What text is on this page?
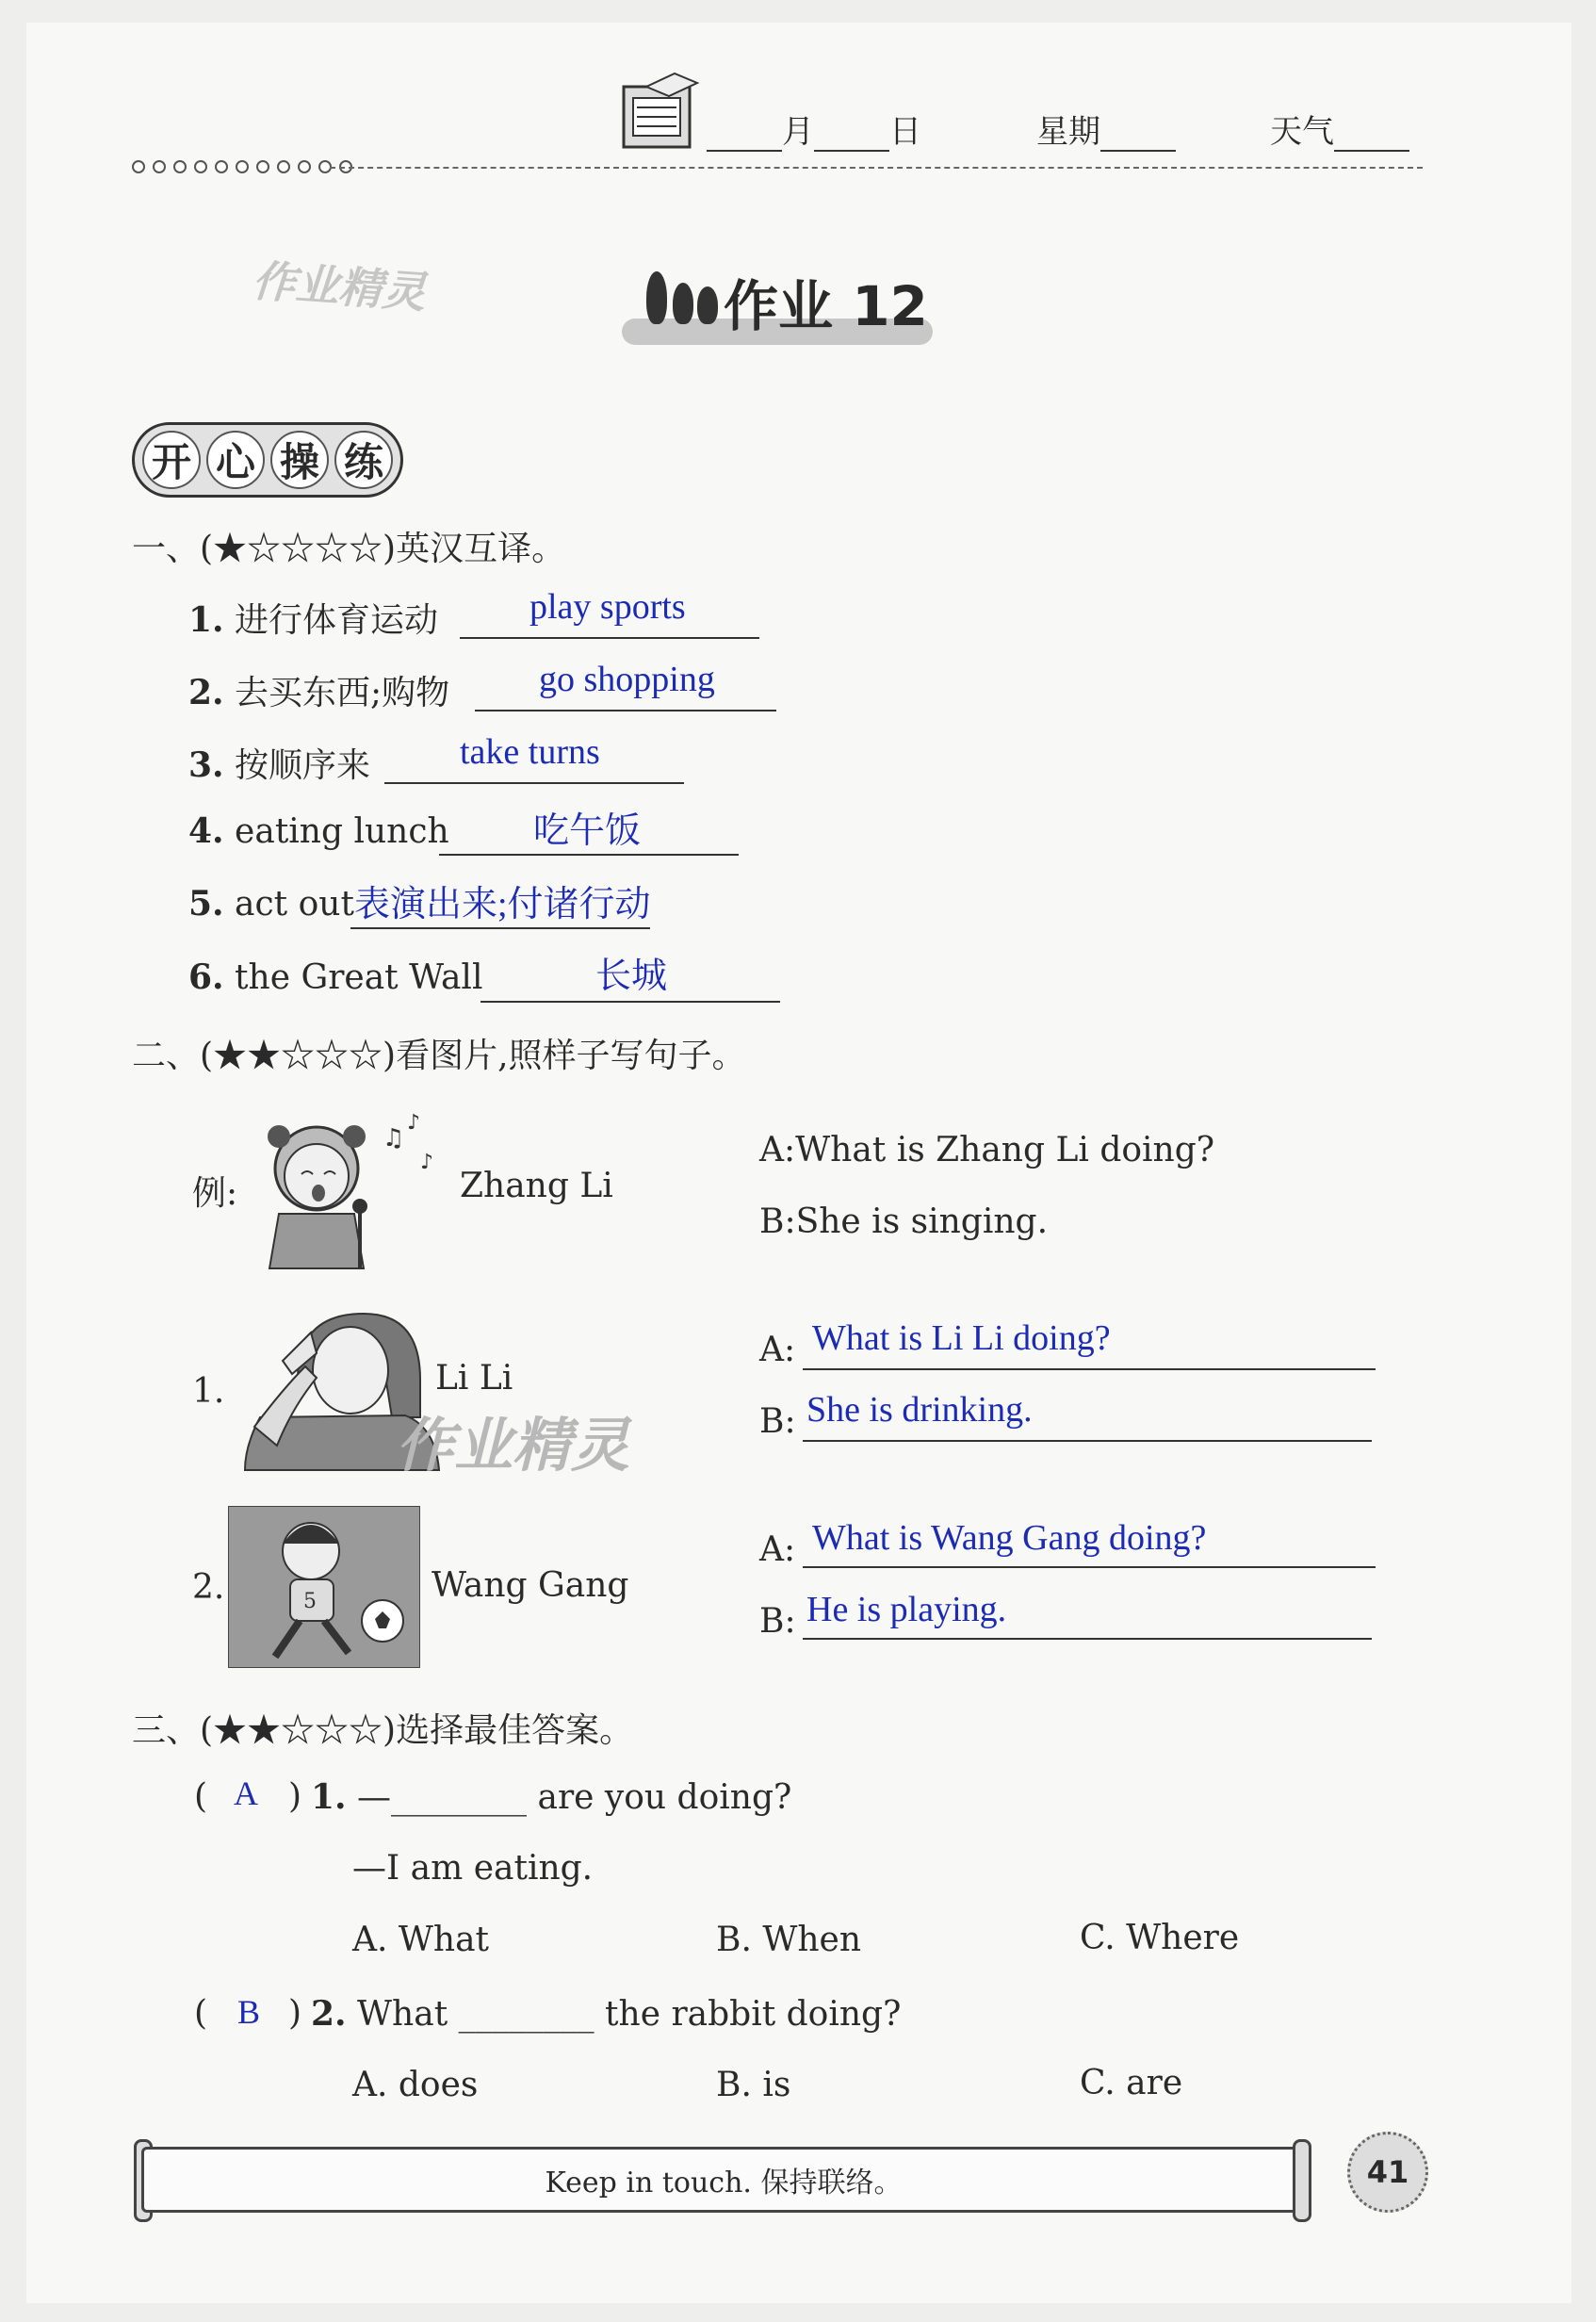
月 日	星期	天气
作业精灵	作业 12
开 心 操 练
一、(★☆☆☆☆)英汉互译。
1. 进行体育运动	play sports
2. 去买东西;购物 go shopping
3. 按顺序来 take turns
4. eating lunch 吃午饭
5. act out 表演出来;付诸行动
6. the Great Wall	长城
二、(★★☆☆☆)看图片,照样子写句子。
例:
♫
♪
♪
Zhang Li
A:What is Zhang Li doing?
B:She is singing.
1.	Li Li
A: What is Li Li doing?
B: She is drinking.
作业精灵
2.	5	Wang Gang
A: What is Wang Gang doing?
B: He is playing.
三、(★★☆☆☆)选择最佳答案。
( A ) 1. —________ are you doing?
—I am eating.
A. What	B. When	C. Where
( B ) 2. What ________ the rabbit doing?
A. does	B. is	C. are
Keep in touch. 保持联络。	41
